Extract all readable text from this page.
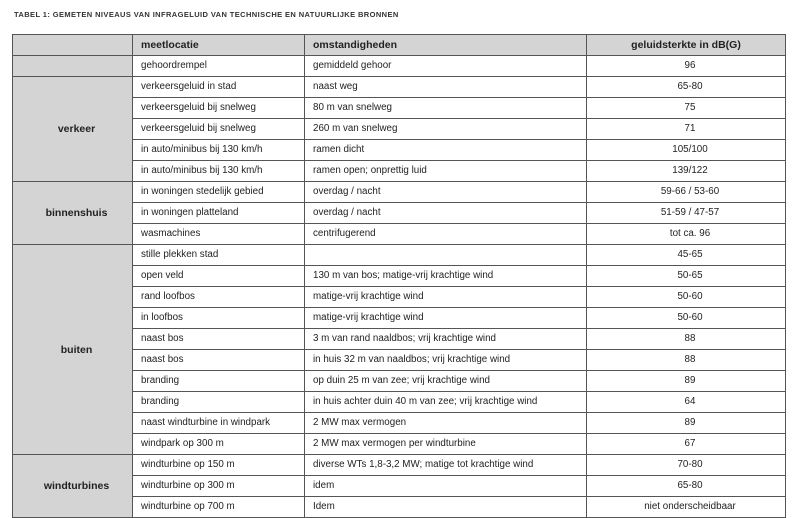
TABEL 1: GEMETEN NIVEAUS VAN INFRAGELUID VAN TECHNISCHE EN NATUURLIJKE BRONNEN
	meetlocatie	omstandigheden	geluidsterkte in dB(G)
	gehoordrempel	gemiddeld gehoor	96
verkeer	verkeersgeluid in stad	naast weg	65-80
	verkeersgeluid bij snelweg	80 m van snelweg	75
	verkeersgeluid bij snelweg	260 m van snelweg	71
	in auto/minibus bij 130 km/h	ramen dicht	105/100
	in auto/minibus bij 130 km/h	ramen open; onprettig luid	139/122
binnenshuis	in woningen stedelijk gebied	overdag / nacht	59-66 / 53-60
	in woningen platteland	overdag / nacht	51-59 / 47-57
	wasmachines	centrifugerend	tot ca. 96
buiten	stille plekken stad		45-65
	open veld	130 m van bos; matige-vrij krachtige wind	50-65
	rand loofbos	matige-vrij krachtige wind	50-60
	in loofbos	matige-vrij krachtige wind	50-60
	naast bos	3 m van rand naaldbos; vrij krachtige wind	88
	naast bos	in huis 32 m van naaldbos; vrij krachtige wind	88
	branding	op duin 25 m van zee; vrij krachtige wind	89
	branding	in huis achter duin 40 m van zee; vrij krachtige wind	64
	naast windturbine in windpark	2 MW max vermogen	89
	windpark op 300 m	2 MW max vermogen per windturbine	67
windturbines	windturbine op 150 m	diverse WTs 1,8-3,2 MW; matige tot krachtige wind	70-80
	windturbine op 300 m	idem	65-80
	windturbine op 700 m	Idem	niet onderscheidbaar
